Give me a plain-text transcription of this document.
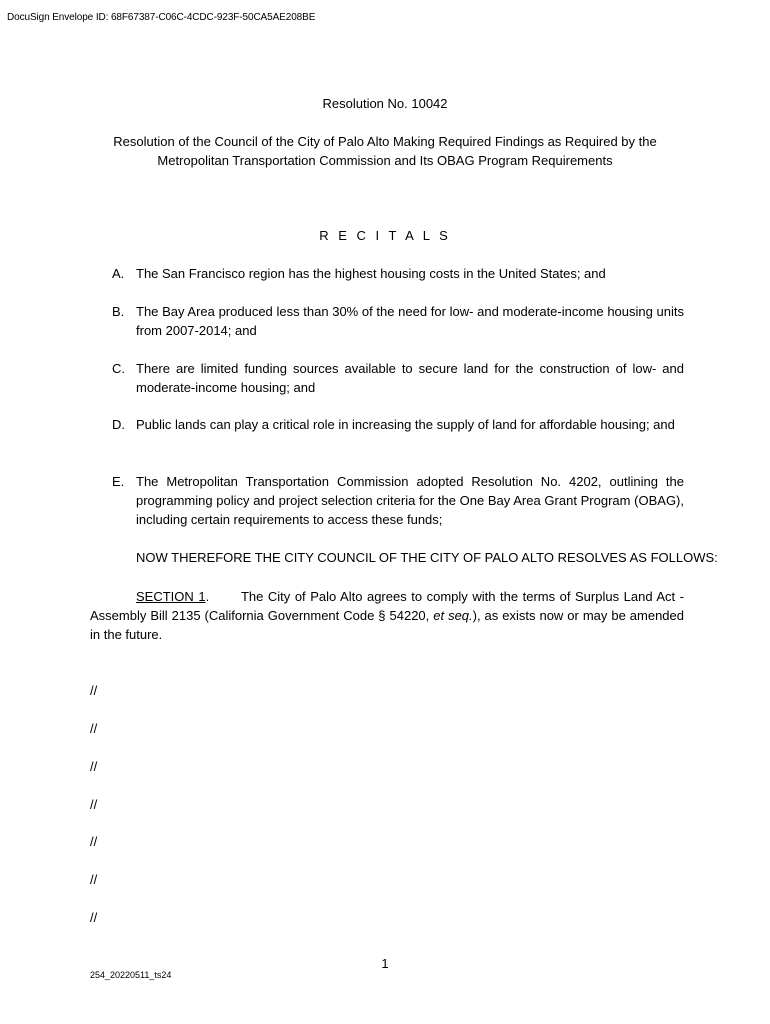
DocuSign Envelope ID: 68F67387-C06C-4CDC-923F-50CA5AE208BE
Resolution No. 10042
Resolution of the Council of the City of Palo Alto Making Required Findings as Required by the Metropolitan Transportation Commission and Its OBAG Program Requirements
R E C I T A L S
A. The San Francisco region has the highest housing costs in the United States; and
B. The Bay Area produced less than 30% of the need for low- and moderate-income housing units from 2007-2014; and
C. There are limited funding sources available to secure land for the construction of low- and moderate-income housing; and
D. Public lands can play a critical role in increasing the supply of land for affordable housing; and
E. The Metropolitan Transportation Commission adopted Resolution No. 4202, outlining the programming policy and project selection criteria for the One Bay Area Grant Program (OBAG), including certain requirements to access these funds;
NOW THEREFORE THE CITY COUNCIL OF THE CITY OF PALO ALTO RESOLVES AS FOLLOWS:
SECTION 1. The City of Palo Alto agrees to comply with the terms of Surplus Land Act - Assembly Bill 2135 (California Government Code § 54220, et seq.), as exists now or may be amended in the future.
//
//
//
//
//
//
//
1
254_20220511_ts24
